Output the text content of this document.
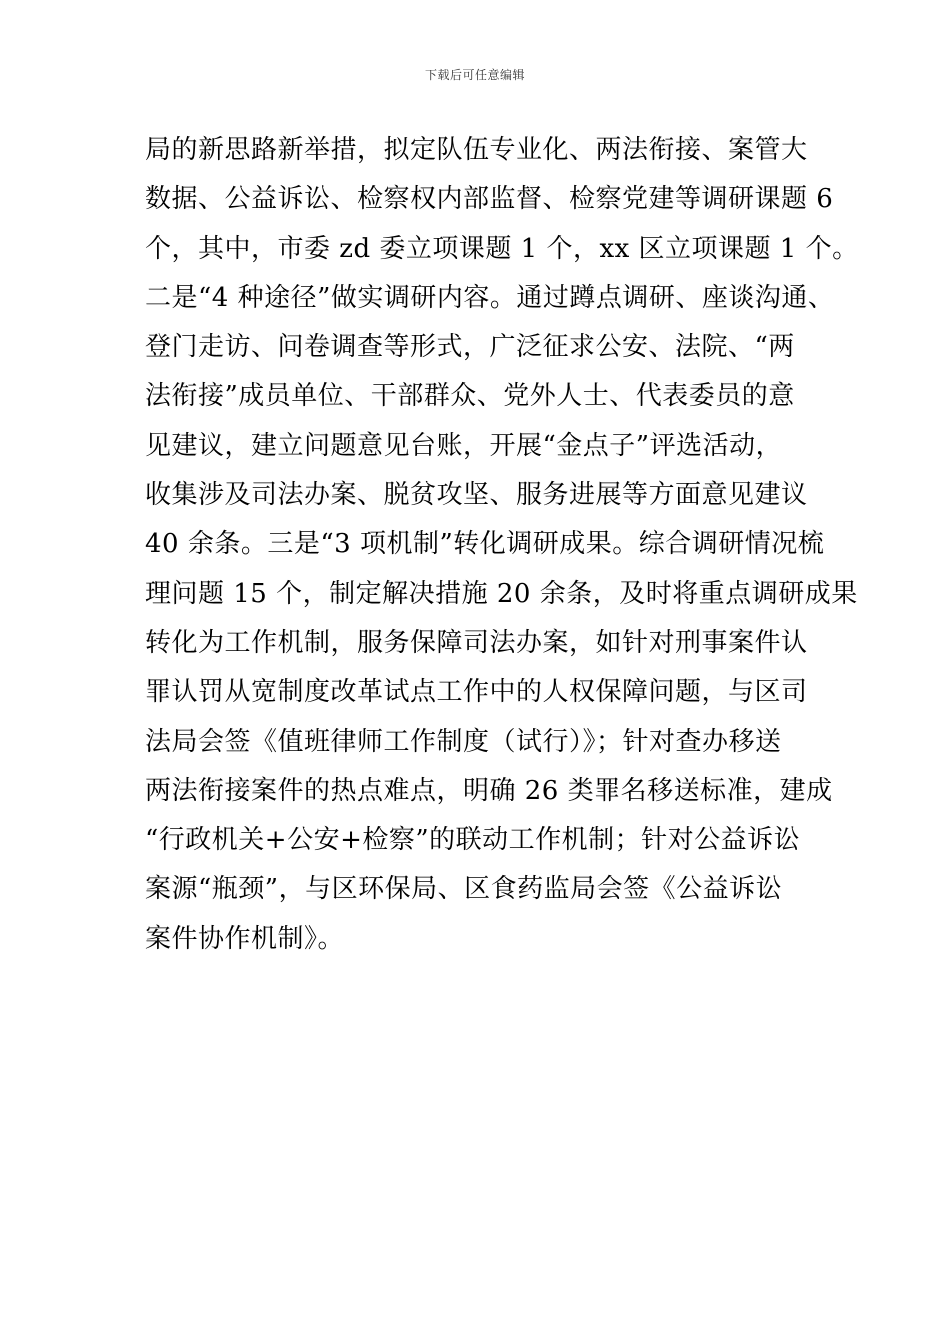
下载后可任意编辑
局的新思路新举措，拟定队伍专业化、两法衔接、案管大
数据、公益诉讼、检察权内部监督、检察党建等调研课题 6
个，其中，市委 zd 委立项课题 1 个，xx 区立项课题 1 个。
二是“4 种途径”做实调研内容。通过蹲点调研、座谈沟通、
登门走访、问卷调查等形式，广泛征求公安、法院、“两
法衔接”成员单位、干部群众、党外人士、代表委员的意
见建议，建立问题意见台账，开展“金点子”评选活动，
收集涉及司法办案、脱贫攻坚、服务进展等方面意见建议
40 余条。三是“3 项机制”转化调研成果。综合调研情况梳
理问题 15 个，制定解决措施 20 余条，及时将重点调研成果
转化为工作机制，服务保障司法办案，如针对刑事案件认
罪认罚从宽制度改革试点工作中的人权保障问题，与区司
法局会签《值班律师工作制度（试行）》；针对查办移送
两法衔接案件的热点难点，明确 26 类罪名移送标准，建成
“行政机关+公安+检察”的联动工作机制；针对公益诉讼
案源“瓶颈”，与区环保局、区食药监局会签《公益诉讼
案件协作机制》。
